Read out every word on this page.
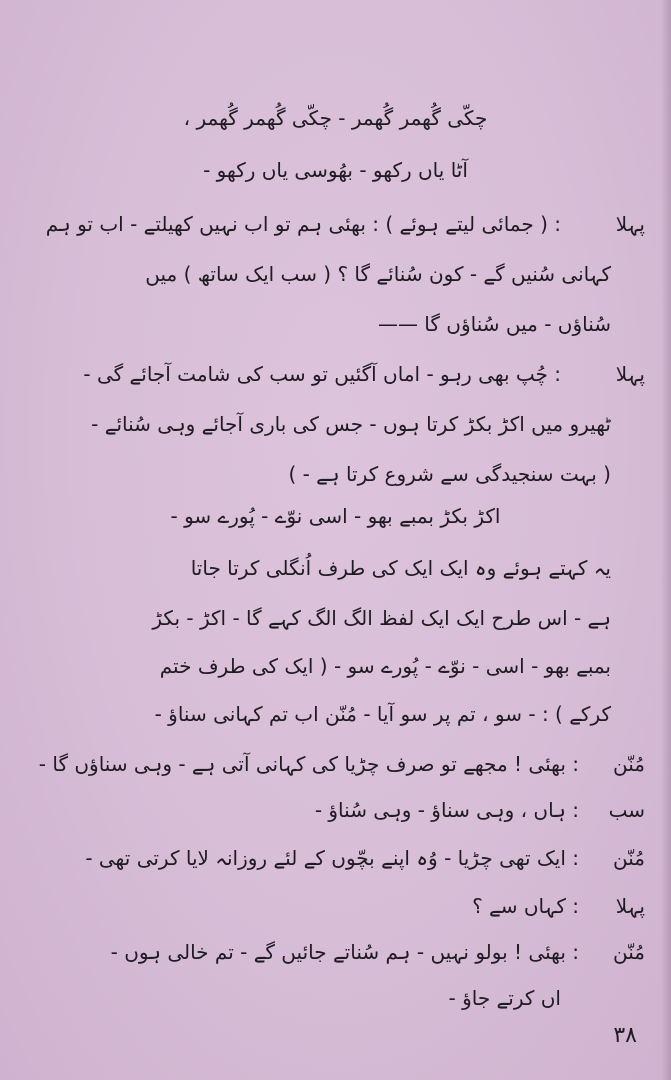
چکّی گُھمر گُھمر - چکّی گُھمر گُھمر ،
آٹا یاں رکھو - بھُوسی یاں رکھو -
پہلا
: ( جمائی لیتے ہوئے ) : بھئی ہم تو اب نہیں کھیلتے - اب تو ہم
کہانی سُنیں گے - کون سُنائے گا ؟ ( سب ایک ساتھ ) میں
سُناؤں - میں سُناؤں گا ——
پہلا
: چُپ بھی رہو - اماں آگئیں تو سب کی شامت آجائے گی -
ٹھیرو میں اکڑ بکڑ کرتا ہوں - جس کی باری آجائے وہی سُنائے -
( بہت سنجیدگی سے شروع کرتا ہے - )
اکڑ بکڑ بمبے بھو - اسی نوّے - پُورے سو -
یہ کہتے ہوئے وہ ایک ایک کی طرف اُنگلی کرتا جاتا
ہے - اس طرح ایک ایک لفظ الگ الگ کہے گا - اکڑ - بکڑ
بمبے بھو - اسی - نوّے - پُورے سو - ( ایک کی طرف ختم
کرکے ) : - سو ، تم پر سو آیا - مُنّن اب تم کہانی سناؤ -
مُنّن
: بھئی ! مجھے تو صرف چڑیا کی کہانی آتی ہے - وہی سناؤں گا -
سب
: ہاں ، وہی سناؤ - وہی سُناؤ -
مُنّن
: ایک تھی چڑیا - وُہ اپنے بچّوں کے لئے روزانہ لایا کرتی تھی -
پہلا
: کہاں سے ؟
مُنّن
: بھئی ! بولو نہیں - ہم سُناتے جائیں گے - تم خالی ہوں -
اں کرتے جاؤ -
۳۸
